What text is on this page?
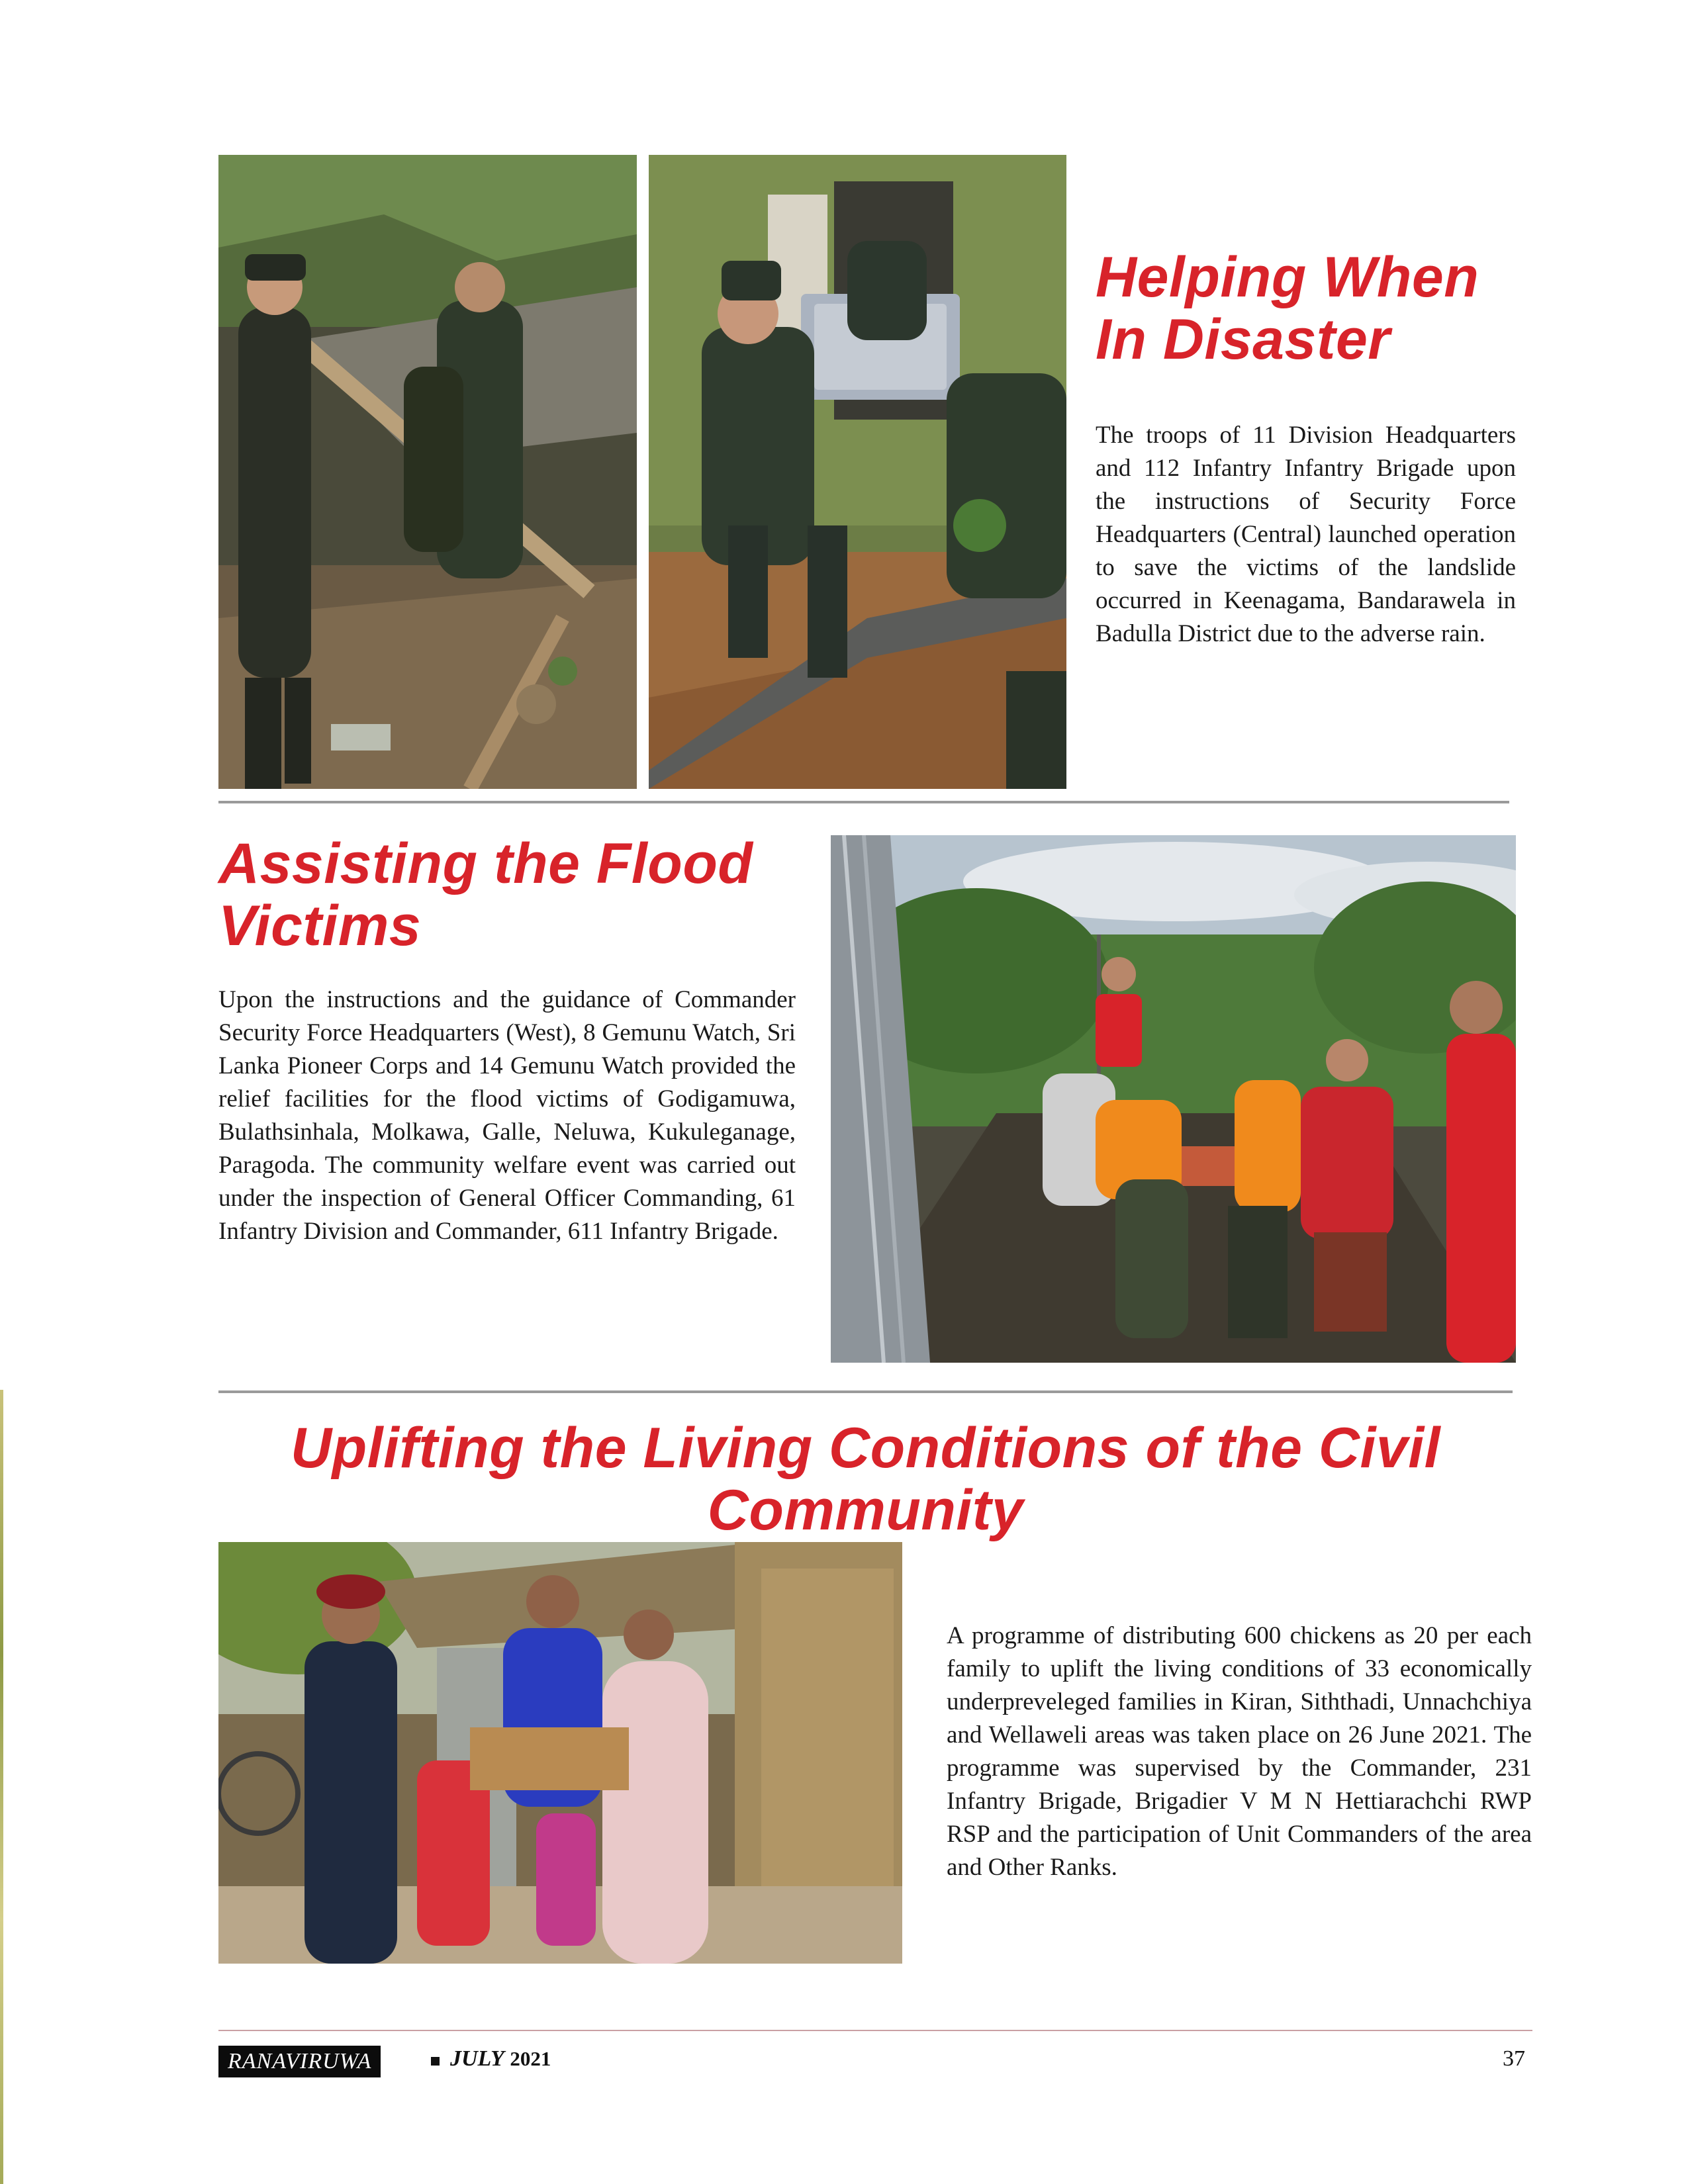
Helping When
In Disaster

The troops of 11 Division Headquarters and 112 Infantry Infantry Brigade upon the instructions of Security Force Headquarters (Central) launched operation to save the victims of the landslide occurred in Keenagama, Bandarawela in Badulla District due to the adverse rain.

Assisting the Flood
Victims

Upon the instructions and the guidance of Commander Security Force Headquarters (West), 8 Gemunu Watch, Sri Lanka Pioneer Corps and 14 Gemunu Watch provided the relief facilities for the flood victims of Godigamuwa, Bulathsinhala, Molkawa, Galle, Neluwa, Kukuleganage, Paragoda. The community welfare event was carried out under the inspection of General Officer Commanding, 61 Infantry Division and Commander, 611 Infantry Brigade.

Uplifting the Living Conditions of the Civil
Community

A programme of distributing 600 chickens as 20 per each family to uplift the living conditions of 33 economically underpreveleged families in Kiran, Siththadi, Unnachchiya and Wellaweli areas was taken place on 26 June 2021. The programme was supervised by the Commander, 231 Infantry Brigade, Brigadier V M N Hettiarachchi RWP RSP and the participation of Unit Commanders of the area and Other Ranks.

RANAVIRUWA	JULY 2021	37
